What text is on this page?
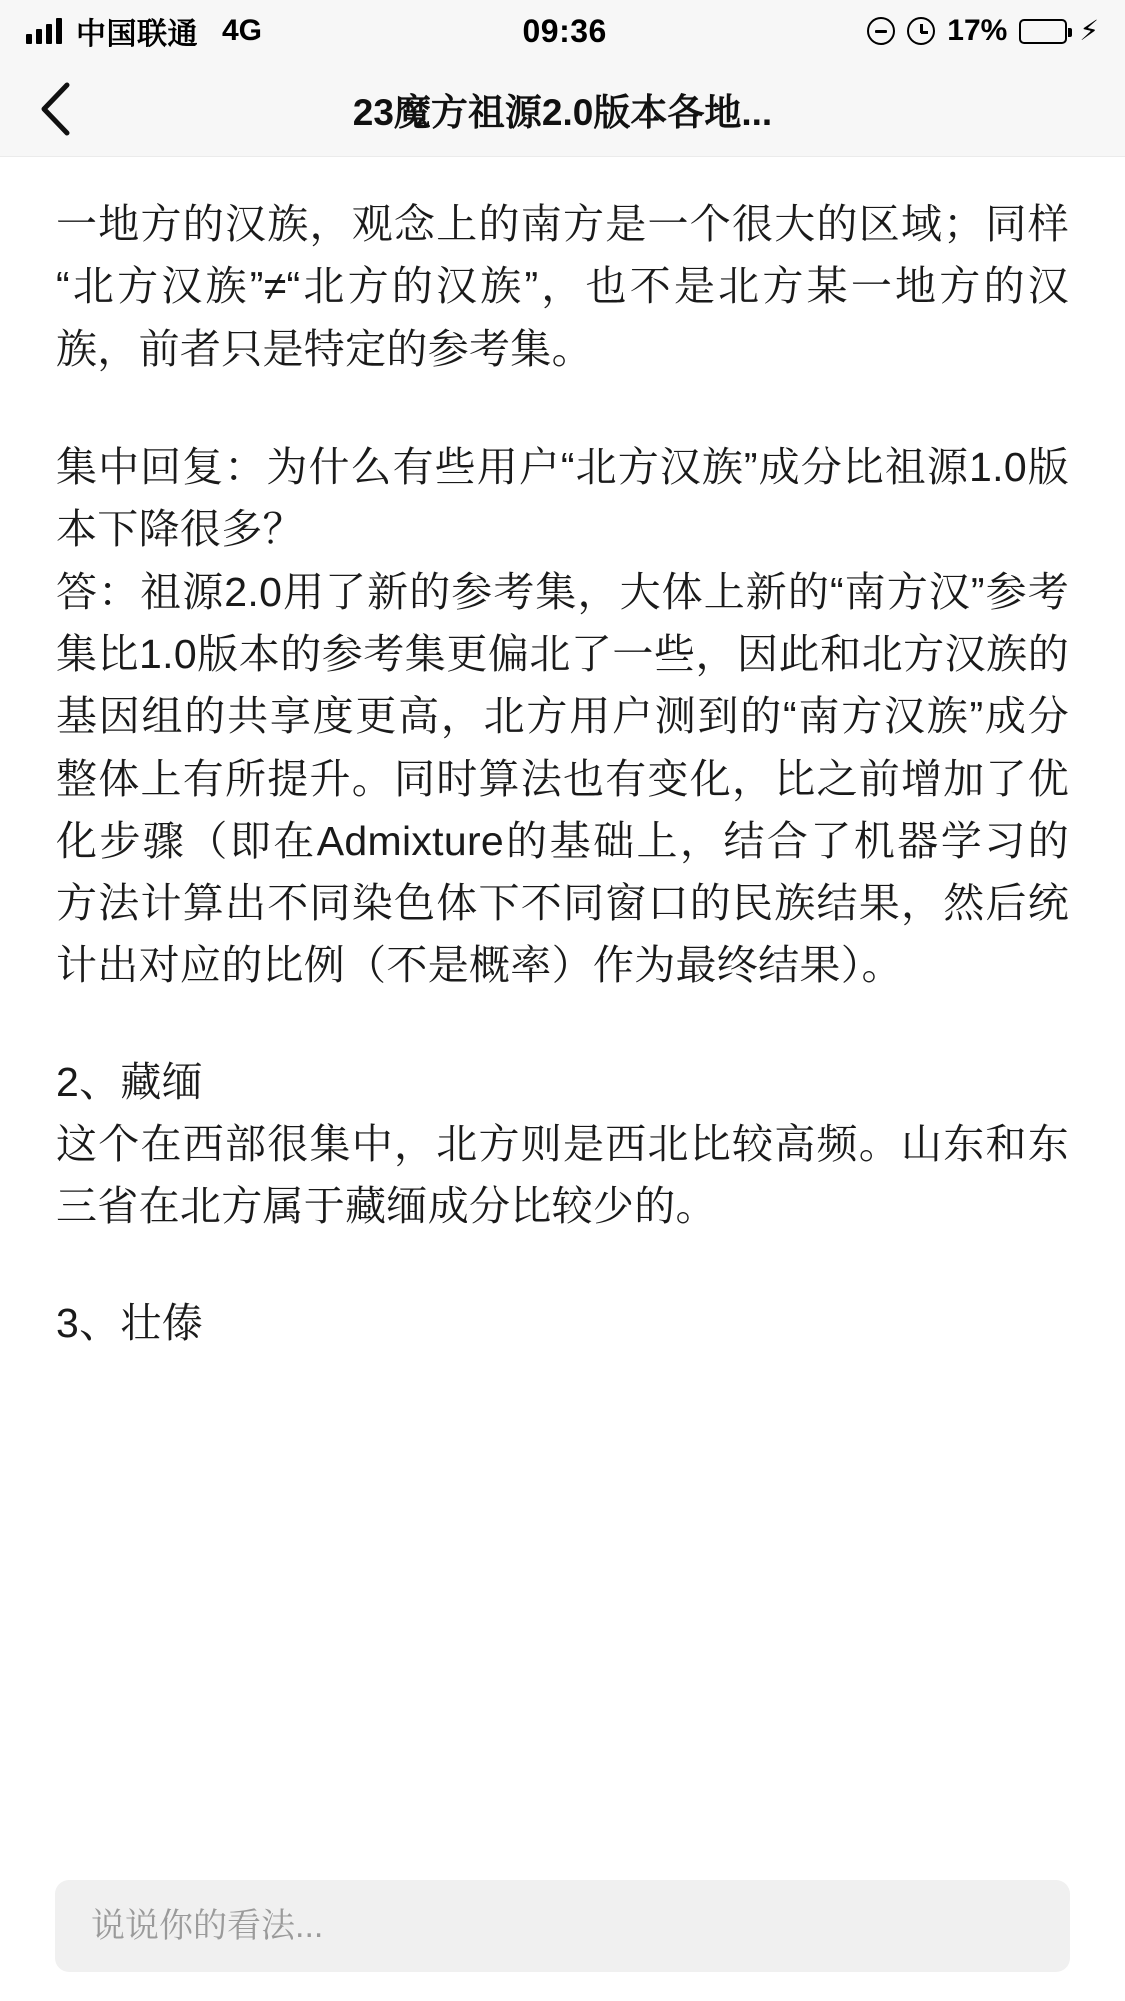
中国联通 4G	09:36	17%	⚡
23魔方祖源2.0版本各地...

一地方的汉族，观念上的南方是一个很大的区域；同样“北方汉族”≠“北方的汉族”，也不是北方某一地方的汉族，前者只是特定的参考集。

集中回复：为什么有些用户“北方汉族”成分比祖源1.0版本下降很多？

答：祖源2.0用了新的参考集，大体上新的“南方汉”参考集比1.0版本的参考集更偏北了一些，因此和北方汉族的基因组的共享度更高，北方用户测到的“南方汉族”成分整体上有所提升。同时算法也有变化，比之前增加了优化步骤（即在Admixture的基础上，结合了机器学习的方法计算出不同染色体下不同窗口的民族结果，然后统计出对应的比例（不是概率）作为最终结果）。

2、藏缅

这个在西部很集中，北方则是西北比较高频。山东和东三省在北方属于藏缅成分比较少的。

3、壮傣

说说你的看法...
